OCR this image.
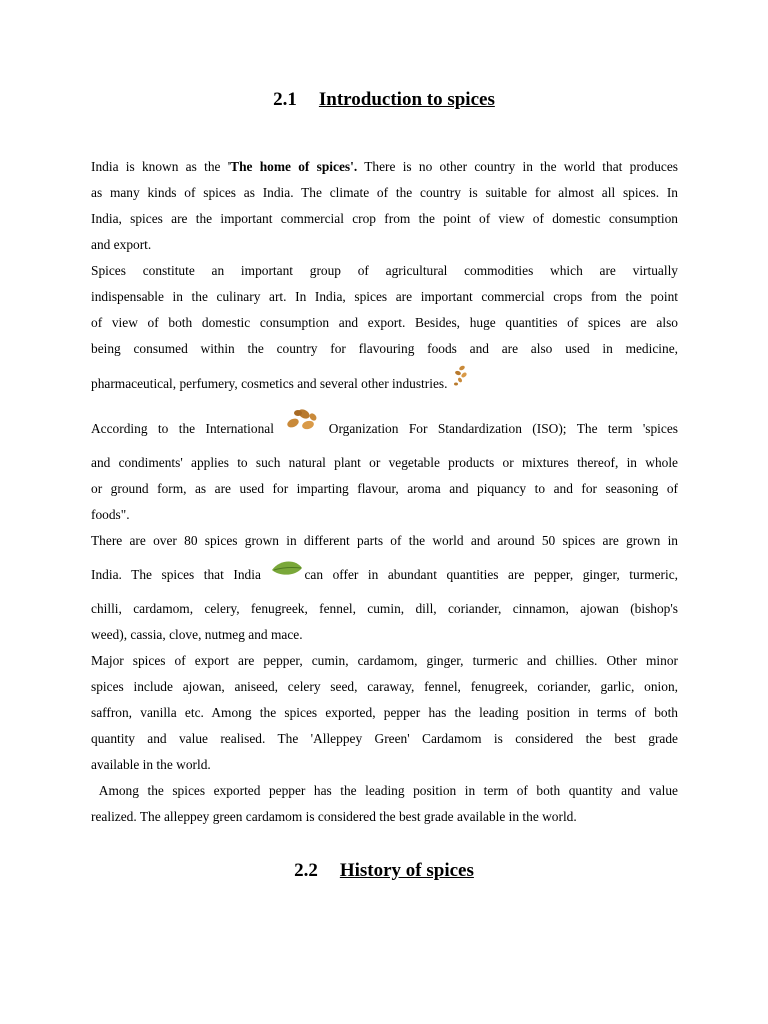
2.1 Introduction to spices

India is known as the 'The home of spices'. There is no other country in the world that produces
as many kinds of spices as India. The climate of the country is suitable for almost all spices. In
India, spices are the important commercial crop from the point of view of domestic consumption
and export.

Spices constitute an important group of agricultural commodities which are virtually
indispensable in the culinary art. In India, spices are important commercial crops from the point
of view of both domestic consumption and export. Besides, huge quantities of spices are also
being consumed within the country for flavouring foods and are also used in medicine,
pharmaceutical, perfumery, cosmetics and several other industries.

According to the International	Organization For Standardization (ISO); The term 'spices
and condiments' applies to such natural plant or vegetable products or mixtures thereof, in whole
or ground form, as are used for imparting flavour, aroma and piquancy to and for seasoning of
foods".

There are over 80 spices grown in different parts of the world and around 50 spices are grown in
India. The spices that India	can offer in abundant quantities are pepper, ginger, turmeric,
chilli, cardamom, celery, fenugreek, fennel, cumin, dill, coriander, cinnamon, ajowan (bishop's
weed), cassia, clove, nutmeg and mace.

Major spices of export are pepper, cumin, cardamom, ginger, turmeric and chillies. Other minor
spices include ajowan, aniseed, celery seed, caraway, fennel, fenugreek, coriander, garlic, onion,
saffron, vanilla etc. Among the spices exported, pepper has the leading position in terms of both
quantity and value realised. The 'Alleppey Green' Cardamom is considered the best grade
available in the world.

Among the spices exported pepper has the leading position in term of both quantity and value
realized. The alleppey green cardamom is considered the best grade available in the world.

2.2 History of spices
